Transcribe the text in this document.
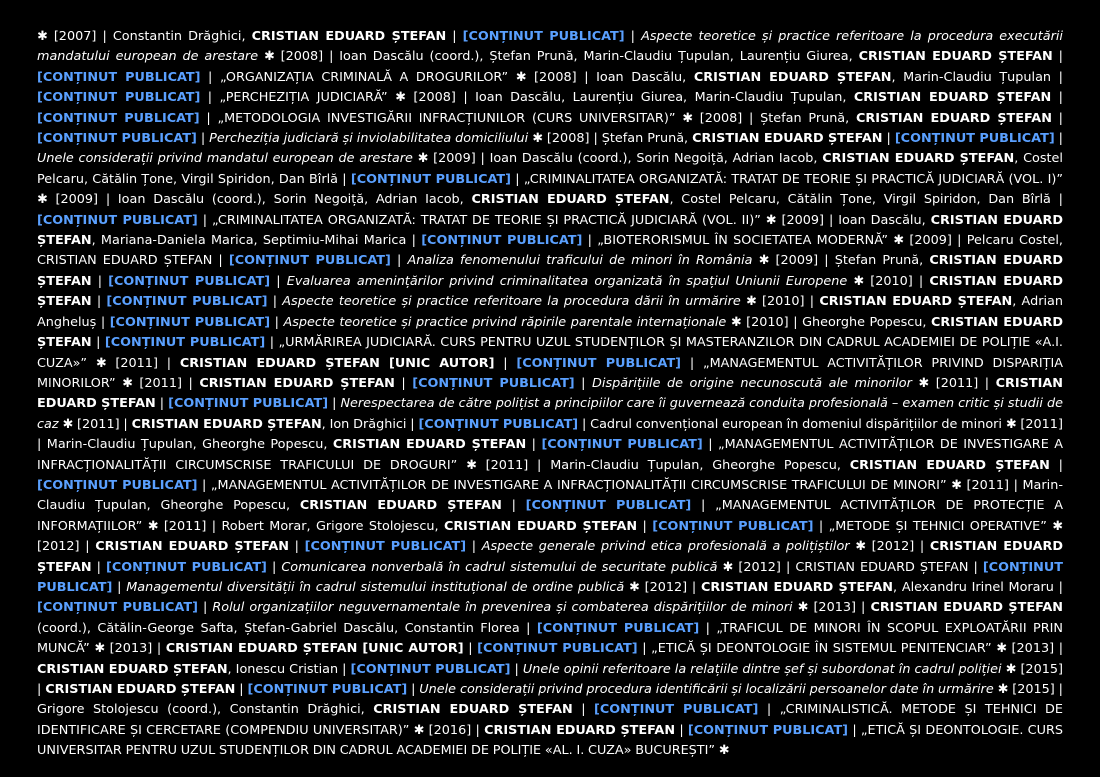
✱ [2007] | Constantin Drăghici, CRISTIAN EDUARD ȘTEFAN | [CONȚINUT PUBLICAT] | Aspecte teoretice și practice referitoare la procedura executării mandatului european de arestare ✱ [2008] | Ioan Dascălu (coord.), Ștefan Prună, Marin-Claudiu Țupulan, Laurențiu Giurea, CRISTIAN EDUARD ȘTEFAN | [CONȚINUT PUBLICAT] | „ORGANIZAȚIA CRIMINALĂ A DROGURILOR” ✱ [2008] | Ioan Dascălu, CRISTIAN EDUARD ȘTEFAN, Marin-Claudiu Țupulan | [CONȚINUT PUBLICAT] | „PERCHEZIȚIA JUDICIARĂ” ✱ [2008] | Ioan Dascălu, Laurențiu Giurea, Marin-Claudiu Țupulan, CRISTIAN EDUARD ȘTEFAN | [CONȚINUT PUBLICAT] | „METODOLOGIA INVESTIGĂRII INFRACȚIUNILOR (CURS UNIVERSITAR)” ✱ [2008] | Ștefan Prună, CRISTIAN EDUARD ȘTEFAN | [CONȚINUT PUBLICAT] | Percheziția judiciară și inviolabilitatea domiciliului ✱ [2008] | Ștefan Prună, CRISTIAN EDUARD ȘTEFAN | [CONȚINUT PUBLICAT] | Unele considerații privind mandatul european de arestare ✱ [2009] | Ioan Dascălu (coord.), Sorin Negoiță, Adrian Iacob, CRISTIAN EDUARD ȘTEFAN, Costel Pelcaru, Cătălin Țone, Virgil Spiridon, Dan Bîrlă | [CONȚINUT PUBLICAT] | „CRIMINALITATEA ORGANIZATĂ: TRATAT DE TEORIE ȘI PRACTICĂ JUDICIARĂ (VOL. I)” ✱ [2009] | Ioan Dascălu (coord.), Sorin Negoiță, Adrian Iacob, CRISTIAN EDUARD ȘTEFAN, Costel Pelcaru, Cătălin Țone, Virgil Spiridon, Dan Bîrlă | [CONȚINUT PUBLICAT] | „CRIMINALITATEA ORGANIZATĂ: TRATAT DE TEORIE ȘI PRACTICĂ JUDICIARĂ (VOL. II)” ✱ [2009] | Ioan Dascălu, CRISTIAN EDUARD ȘTEFAN, Mariana-Daniela Marica, Septimiu-Mihai Marica | [CONȚINUT PUBLICAT] | „BIOTERORISMUL ÎN SOCIETATEA MODERNĂ” ✱ [2009] | Pelcaru Costel, CRISTIAN EDUARD ȘTEFAN | [CONȚINUT PUBLICAT] | Analiza fenomenului traficului de minori în România ✱ [2009] | Ștefan Prună, CRISTIAN EDUARD ȘTEFAN | [CONȚINUT PUBLICAT] | Evaluarea amenințărilor privind criminalitatea organizată în spațiul Uniunii Europene ✱ [2010] | CRISTIAN EDUARD ȘTEFAN | [CONȚINUT PUBLICAT] | Aspecte teoretice și practice referitoare la procedura dării în urmărire ✱ [2010] | CRISTIAN EDUARD ȘTEFAN, Adrian Angheluș | [CONȚINUT PUBLICAT] | Aspecte teoretice și practice privind răpirile parentale internaționale ✱ [2010] | Gheorghe Popescu, CRISTIAN EDUARD ȘTEFAN | [CONȚINUT PUBLICAT] | „URMĂRIREA JUDICIARĂ. CURS PENTRU UZUL STUDENȚILOR ȘI MASTERANZILOR DIN CADRUL ACADEMIEI DE POLIȚIE «A.I. CUZA»” ✱ [2011] | CRISTIAN EDUARD ȘTEFAN [UNIC AUTOR] | [CONȚINUT PUBLICAT] | „MANAGEMENTUL ACTIVITĂȚILOR PRIVIND DISPARIȚIA MINORILOR” ✱ [2011] | CRISTIAN EDUARD ȘTEFAN | [CONȚINUT PUBLICAT] | Dispărițiile de origine necunoscută ale minorilor ✱ [2011] | CRISTIAN EDUARD ȘTEFAN | [CONȚINUT PUBLICAT] | Nerespectarea de către polițist a principiilor care îi guvernează conduita profesională – examen critic și studii de caz ✱ [2011] | CRISTIAN EDUARD ȘTEFAN, Ion Drăghici | [CONȚINUT PUBLICAT] | Cadrul convențional european în domeniul dispărițiilor de minori ✱ [2011] | Marin-Claudiu Țupulan, Gheorghe Popescu, CRISTIAN EDUARD ȘTEFAN | [CONȚINUT PUBLICAT] | „MANAGEMENTUL ACTIVITĂȚILOR DE INVESTIGARE A INFRACȚIONALITĂȚII CIRCUMSCRISE TRAFICULUI DE DROGURI” ✱ [2011] | Marin-Claudiu Țupulan, Gheorghe Popescu, CRISTIAN EDUARD ȘTEFAN | [CONȚINUT PUBLICAT] | „MANAGEMENTUL ACTIVITĂȚILOR DE INVESTIGARE A INFRACȚIONALITĂȚII CIRCUMSCRISE TRAFICULUI DE MINORI” ✱ [2011] | Marin-Claudiu Țupulan, Gheorghe Popescu, CRISTIAN EDUARD ȘTEFAN | [CONȚINUT PUBLICAT] | „MANAGEMENTUL ACTIVITĂȚILOR DE PROTECȚIE A INFORMAȚIILOR” ✱ [2011] | Robert Morar, Grigore Stolojescu, CRISTIAN EDUARD ȘTEFAN | [CONȚINUT PUBLICAT] | „METODE ȘI TEHNICI OPERATIVE” ✱ [2012] | CRISTIAN EDUARD ȘTEFAN | [CONȚINUT PUBLICAT] | Aspecte generale privind etica profesională a polițiștilor ✱ [2012] | CRISTIAN EDUARD ȘTEFAN | [CONȚINUT PUBLICAT] | Comunicarea nonverbală în cadrul sistemului de securitate publică ✱ [2012] | CRISTIAN EDUARD ȘTEFAN | [CONȚINUT PUBLICAT] | Managementul diversității în cadrul sistemului instituțional de ordine publică ✱ [2012] | CRISTIAN EDUARD ȘTEFAN, Alexandru Irinel Moraru | [CONȚINUT PUBLICAT] | Rolul organizațiilor neguvernamentale în prevenirea și combaterea dispărițiilor de minori ✱ [2013] | CRISTIAN EDUARD ȘTEFAN (coord.), Cătălin-George Safta, Ștefan-Gabriel Dascălu, Constantin Florea | [CONȚINUT PUBLICAT] | „TRAFICUL DE MINORI ÎN SCOPUL EXPLOATĂRII PRIN MUNCĂ” ✱ [2013] | CRISTIAN EDUARD ȘTEFAN [UNIC AUTOR] | [CONȚINUT PUBLICAT] | „ETICĂ ȘI DEONTOLOGIE ÎN SISTEMUL PENITENCIAR” ✱ [2013] | CRISTIAN EDUARD ȘTEFAN, Ionescu Cristian | [CONȚINUT PUBLICAT] | Unele opinii referitoare la relațiile dintre șef și subordonat în cadrul poliției ✱ [2015] | CRISTIAN EDUARD ȘTEFAN | [CONȚINUT PUBLICAT] | Unele considerații privind procedura identificării și localizării persoanelor date în urmărire ✱ [2015] | Grigore Stolojescu (coord.), Constantin Drăghici, CRISTIAN EDUARD ȘTEFAN | [CONȚINUT PUBLICAT] | „CRIMINALISTICĂ. METODE ȘI TEHNICI DE IDENTIFICARE ȘI CERCETARE (COMPENDIU UNIVERSITAR)” ✱ [2016] | CRISTIAN EDUARD ȘTEFAN | [CONȚINUT PUBLICAT] | „ETICĂ ȘI DEONTOLOGIE. CURS UNIVERSITAR PENTRU UZUL STUDENȚILOR DIN CADRUL ACADEMIEI DE POLIȚIE «AL. I. CUZA» BUCUREȘTI” ✱
